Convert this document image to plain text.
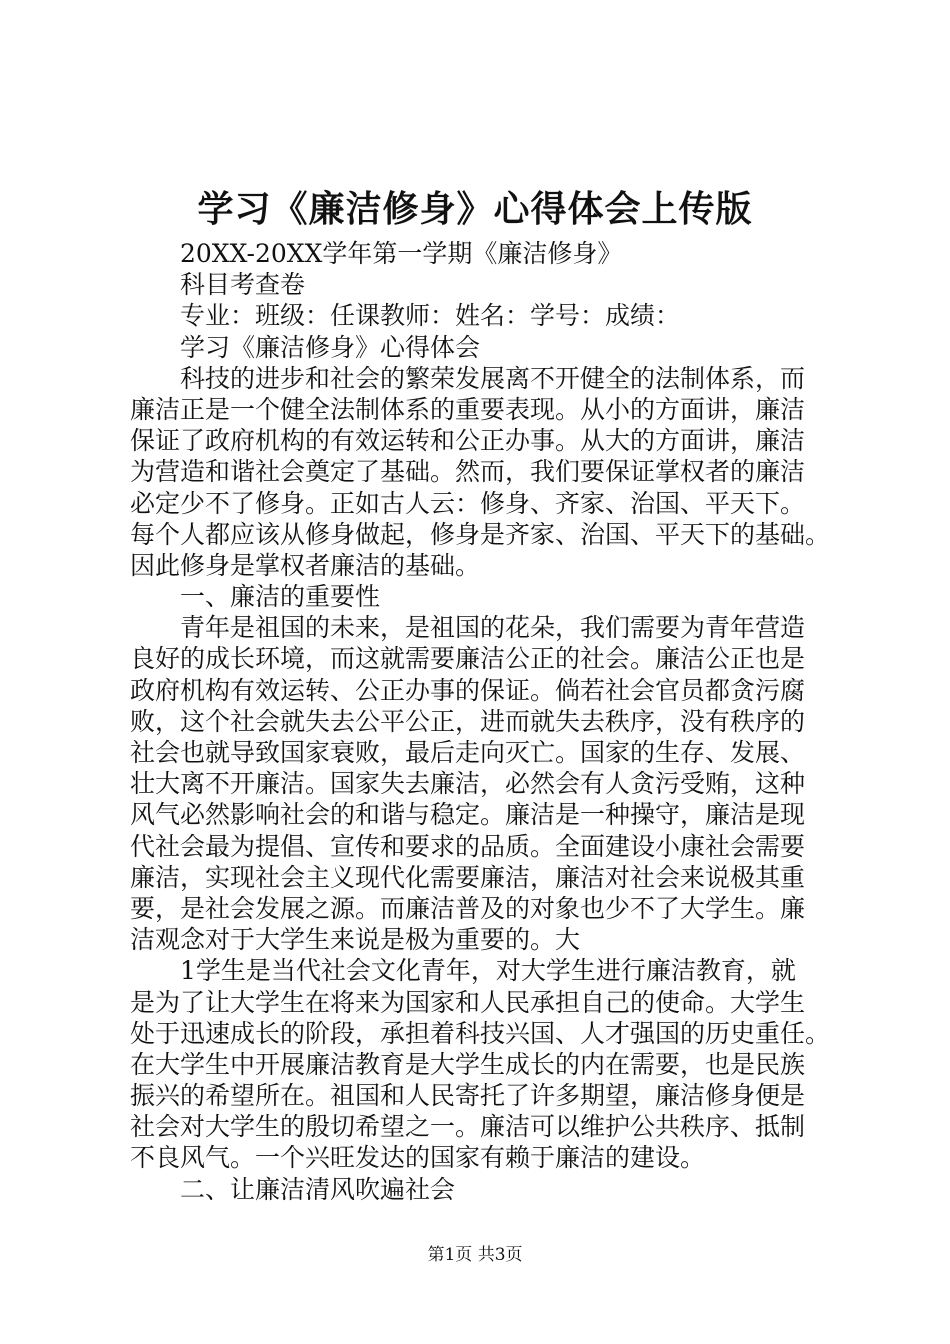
学习《廉洁修身》心得体会上传版
20XX-20XX学年第一学期《廉洁修身》
科目考查卷
专业：班级：任课教师：姓名：学号：成绩：
学习《廉洁修身》心得体会
科技的进步和社会的繁荣发展离不开健全的法制体系，而
廉洁正是一个健全法制体系的重要表现。从小的方面讲，廉洁
保证了政府机构的有效运转和公正办事。从大的方面讲，廉洁
为营造和谐社会奠定了基础。然而，我们要保证掌权者的廉洁
必定少不了修身。正如古人云：修身、齐家、治国、平天下。
每个人都应该从修身做起，修身是齐家、治国、平天下的基础。
因此修身是掌权者廉洁的基础。
一、廉洁的重要性
青年是祖国的未来，是祖国的花朵，我们需要为青年营造
良好的成长环境，而这就需要廉洁公正的社会。廉洁公正也是
政府机构有效运转、公正办事的保证。倘若社会官员都贪污腐
败，这个社会就失去公平公正，进而就失去秩序，没有秩序的
社会也就导致国家衰败，最后走向灭亡。国家的生存、发展、
壮大离不开廉洁。国家失去廉洁，必然会有人贪污受贿，这种
风气必然影响社会的和谐与稳定。廉洁是一种操守，廉洁是现
代社会最为提倡、宣传和要求的品质。全面建设小康社会需要
廉洁，实现社会主义现代化需要廉洁，廉洁对社会来说极其重
要，是社会发展之源。而廉洁普及的对象也少不了大学生。廉
洁观念对于大学生来说是极为重要的。大
1学生是当代社会文化青年，对大学生进行廉洁教育，就
是为了让大学生在将来为国家和人民承担自己的使命。大学生
处于迅速成长的阶段，承担着科技兴国、人才强国的历史重任。
在大学生中开展廉洁教育是大学生成长的内在需要，也是民族
振兴的希望所在。祖国和人民寄托了许多期望，廉洁修身便是
社会对大学生的殷切希望之一。廉洁可以维护公共秩序、抵制
不良风气。一个兴旺发达的国家有赖于廉洁的建设。
二、让廉洁清风吹遍社会
第1页 共3页
